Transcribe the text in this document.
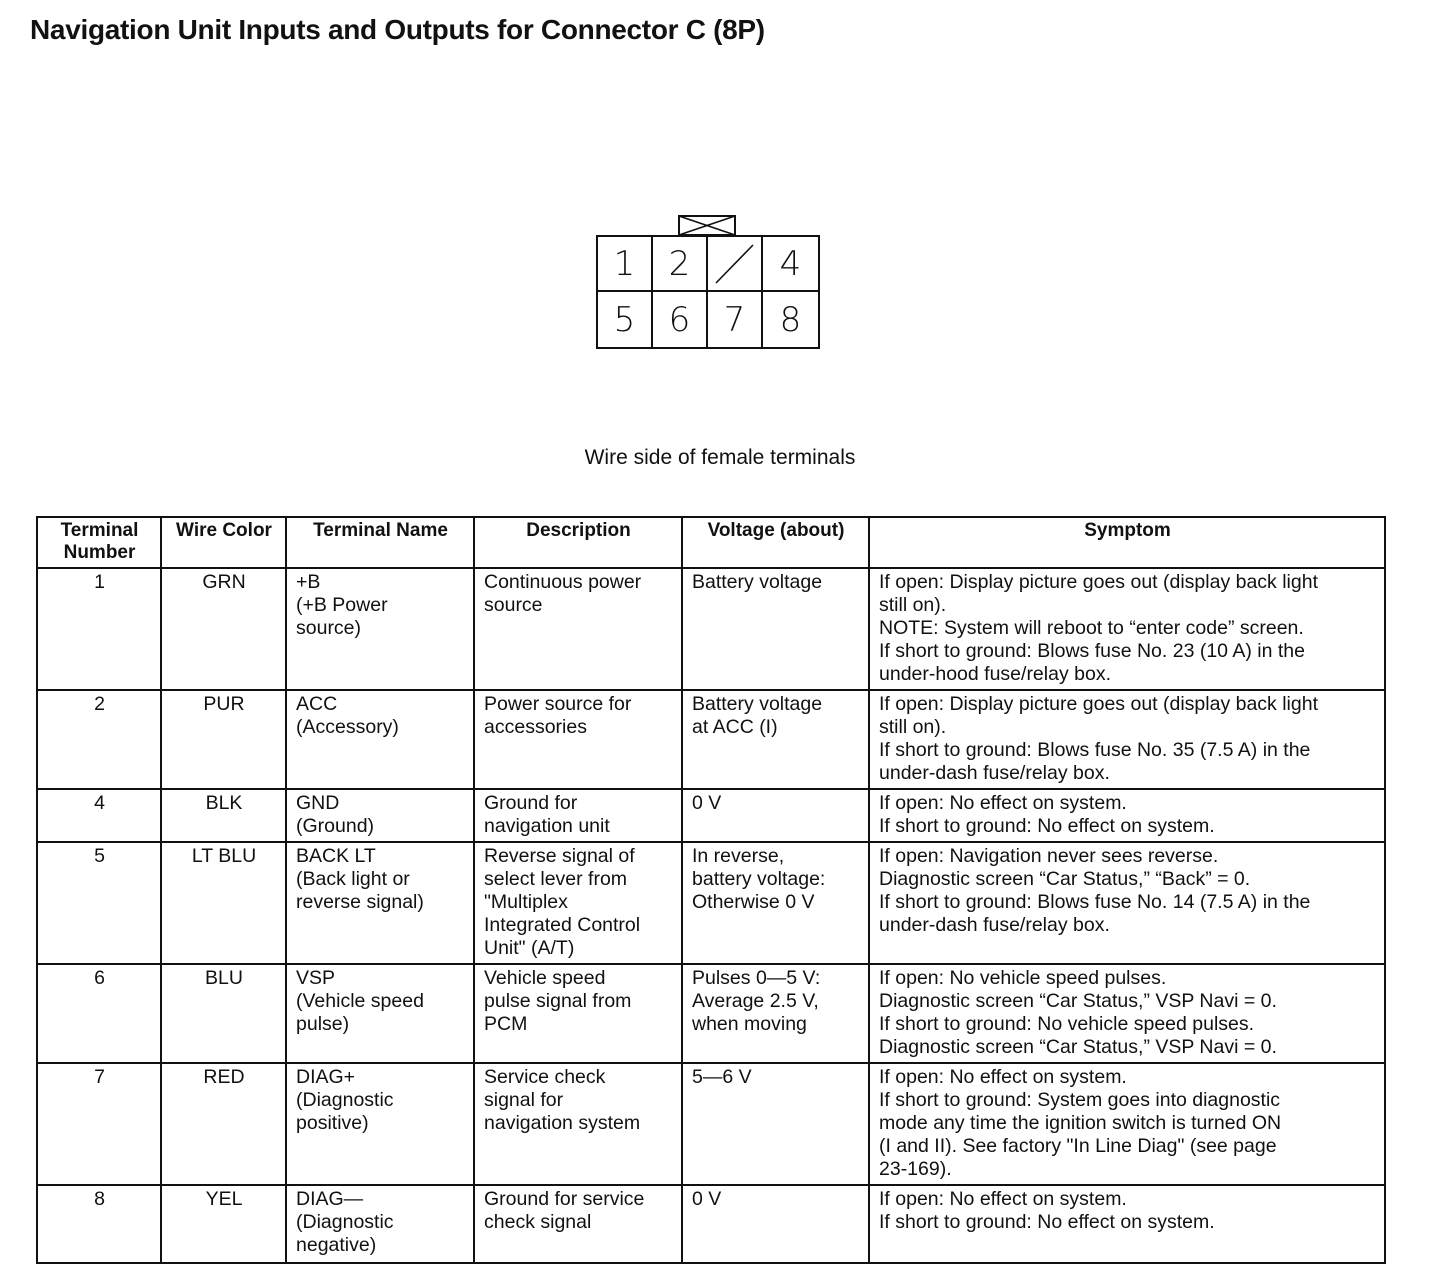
Navigation Unit Inputs and Outputs for Connector C (8P)
1 2	4
5 6 7	8
Wire side of female terminals
Terminal
Number	Wire Color	Terminal Name	Description	Voltage (about)	Symptom
1	GRN	+B
(+B Power
source)	Continuous power
source	Battery voltage	If open: Display picture goes out (display back light
still on).
NOTE: System will reboot to “enter code” screen.
If short to ground: Blows fuse No. 23 (10 A) in the
under-hood fuse/relay box.

2	PUR	ACC
(Accessory)	Power source for
accessories	Battery voltage
at ACC (I)	If open: Display picture goes out (display back light
still on).
If short to ground: Blows fuse No. 35 (7.5 A) in the
under-dash fuse/relay box.

4	BLK	GND
(Ground)	Ground for
navigation unit	0 V	If open: No effect on system.
If short to ground: No effect on system.

5	LT BLU	BACK LT
(Back light or
reverse signal)	Reverse signal of
select lever from
"Multiplex
Integrated Control
Unit" (A/T)	In reverse,
battery voltage:
Otherwise 0 V	If open: Navigation never sees reverse.
Diagnostic screen “Car Status,” “Back” = 0.
If short to ground: Blows fuse No. 14 (7.5 A) in the
under-dash fuse/relay box.

6	BLU	VSP
(Vehicle speed
pulse)	Vehicle speed
pulse signal from
PCM	Pulses 0—5 V:
Average 2.5 V,
when moving	If open: No vehicle speed pulses.
Diagnostic screen “Car Status,” VSP Navi = 0.
If short to ground: No vehicle speed pulses.
Diagnostic screen “Car Status,” VSP Navi = 0.

7	RED	DIAG+
(Diagnostic
positive)	Service check
signal for
navigation system	5—6 V	If open: No effect on system.
If short to ground: System goes into diagnostic
mode any time the ignition switch is turned ON
(I and II). See factory "In Line Diag" (see page
23-169).

8	YEL	DIAG—
(Diagnostic
negative)	Ground for service
check signal	0 V	If open: No effect on system.
If short to ground: No effect on system.
